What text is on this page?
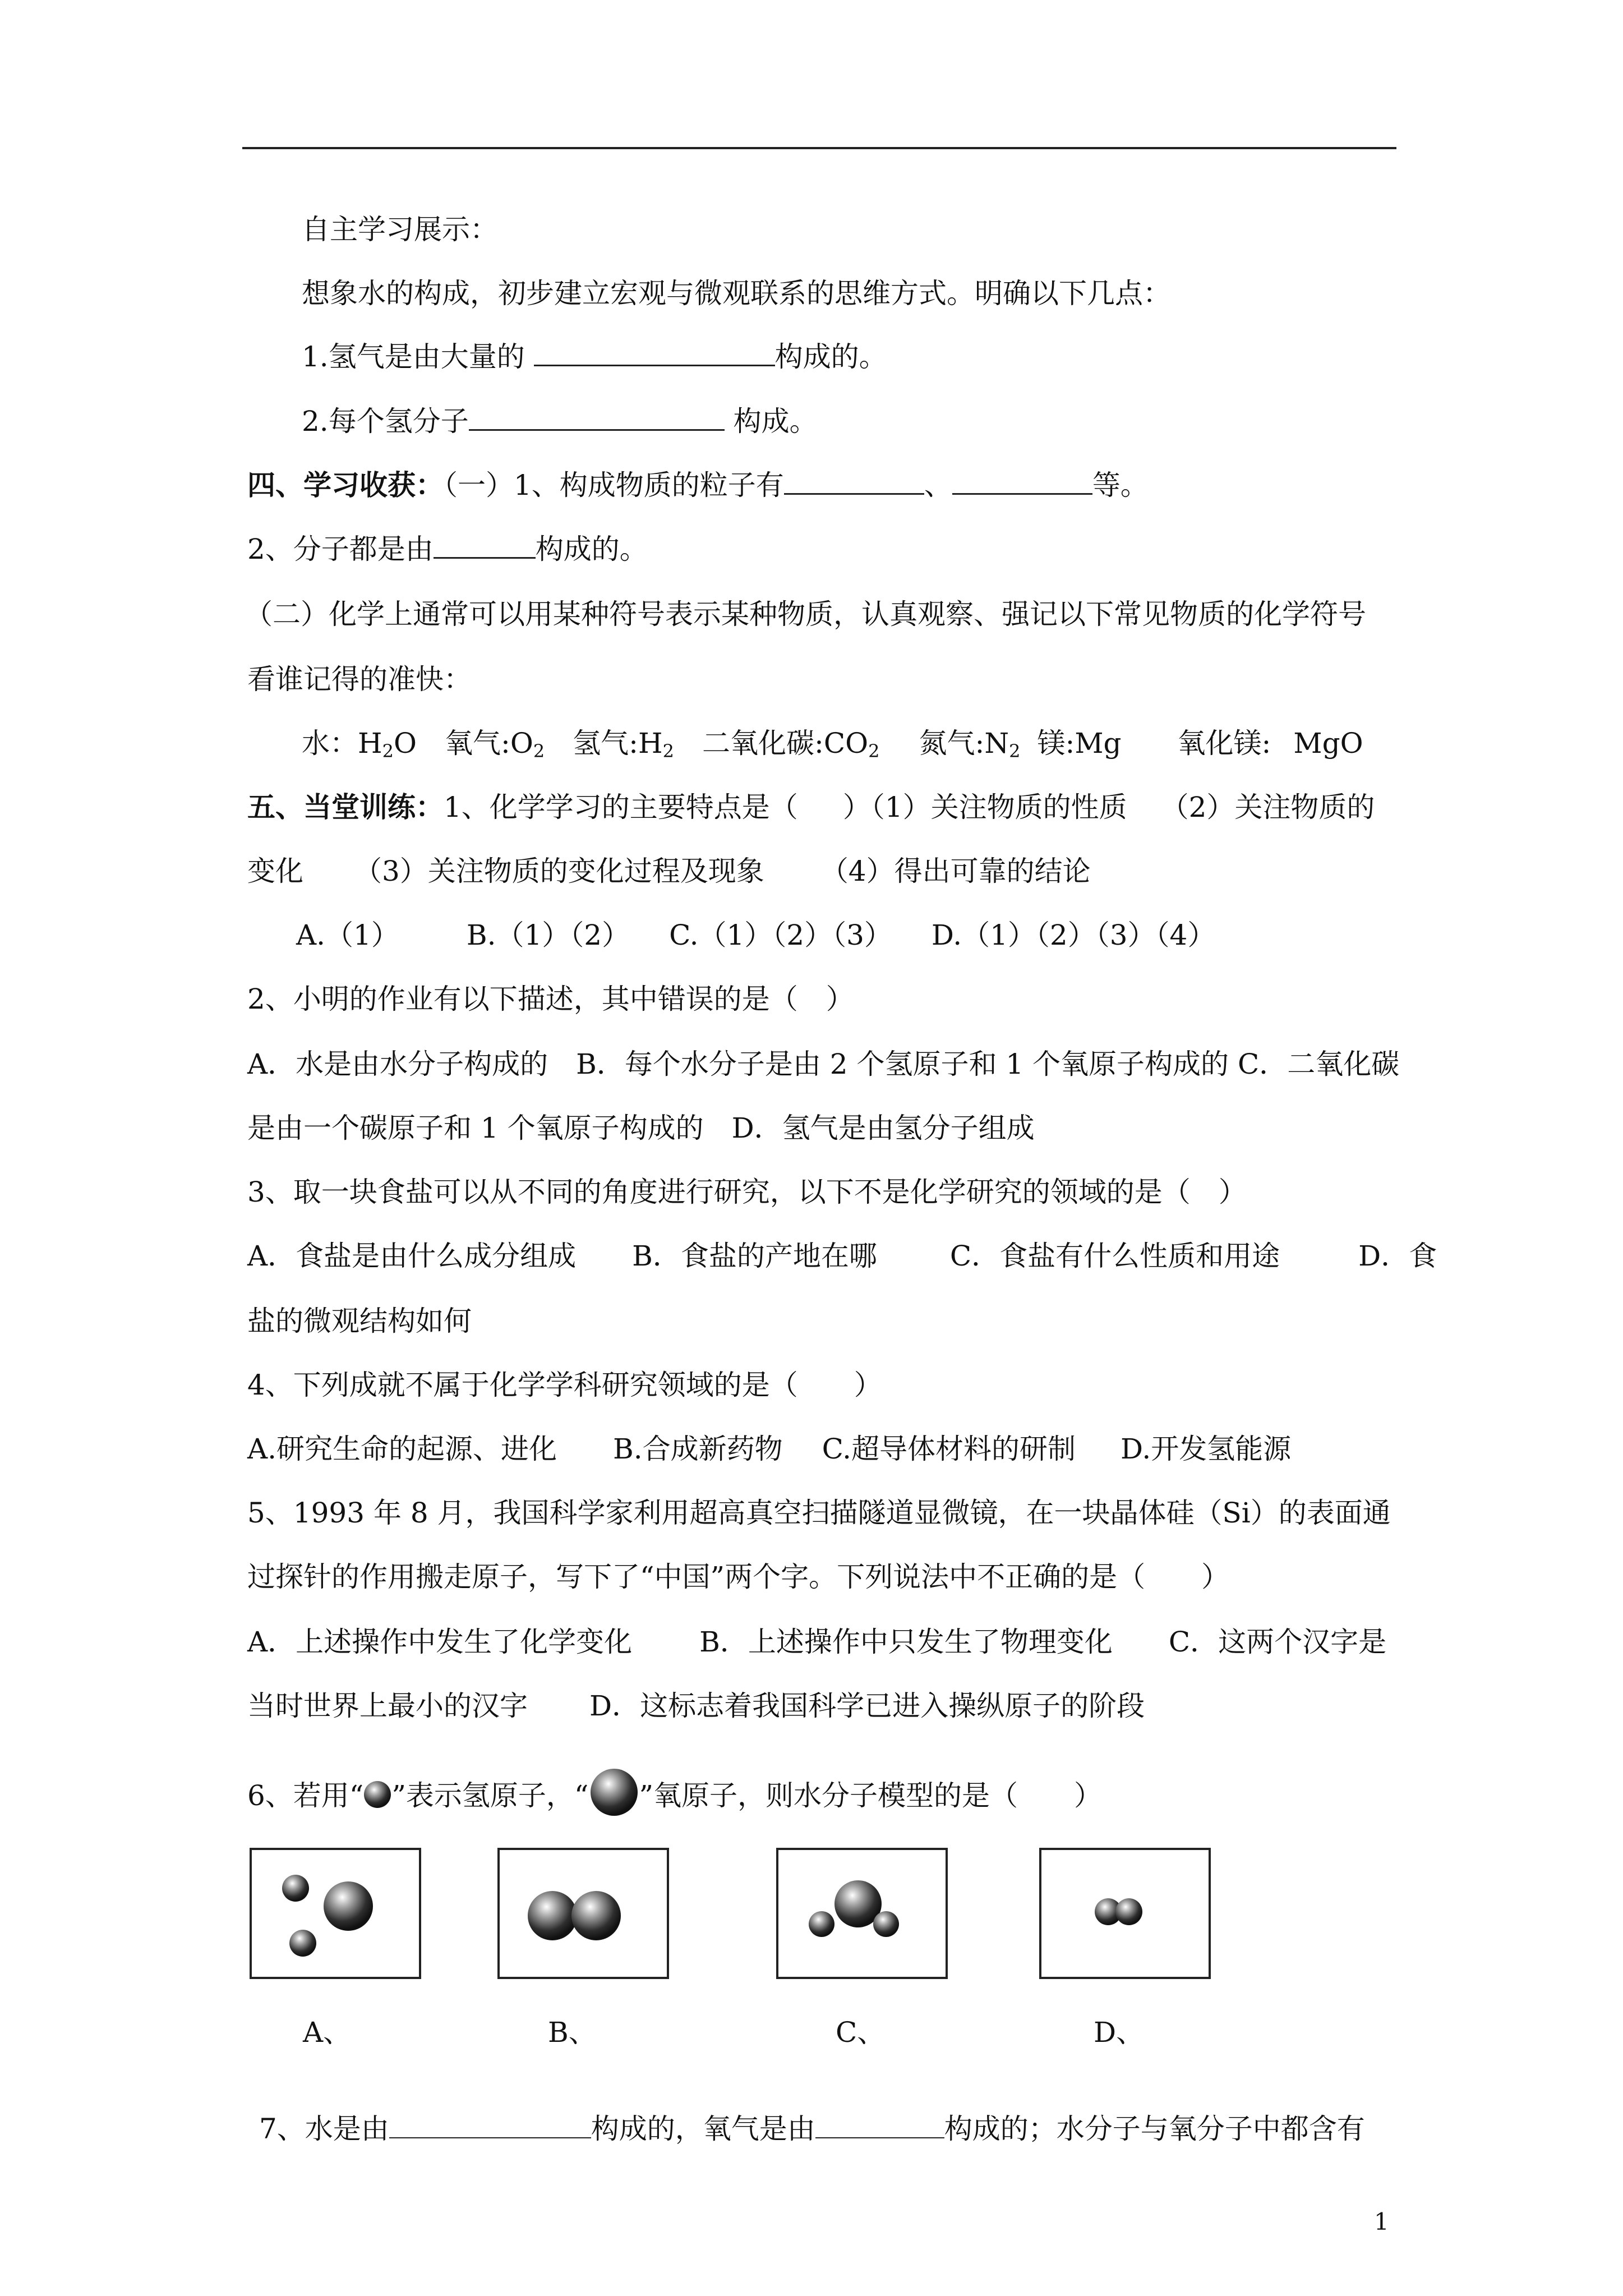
自主学习展示：
想象水的构成，初步建立宏观与微观联系的思维方式。明确以下几点：
1.氢气是由大量的	构成的。
2.每个氢分子	构成。
四、学习收获：（一）1、构成物质的粒子有	、	等。
2、分子都是由	构成的。
（二）化学上通常可以用某种符号表示某种物质，认真观察、强记以下常见物质的化学符号
看谁记得的准快：
水：$H_2O$ 氧气$:O_2$ 氢气$:H_2$ 二氧化碳$:CO_2$ 氮气$:N_2$ 镁:Mg 氧化镁: MgO
五、当堂训练：1、化学学习的主要特点是（ ）（1）关注物质的性质 （2）关注物质的
变化 （3）关注物质的变化过程及现象 （4）得出可靠的结论
A.（1） B.（1）（2） C.（1）（2）（3） D.（1）（2）（3）（4）
2、小明的作业有以下描述，其中错误的是（　）
A．水是由水分子构成的　B．每个水分子是由 2 个氢原子和 1 个氧原子构成的 C．二氧化碳
是由一个碳原子和 1 个氧原子构成的　D．氢气是由氢分子组成
3、取一块食盐可以从不同的角度进行研究，以下不是化学研究的领域的是（　）
A．食盐是由什么成分组成 B．食盐的产地在哪	C．食盐有什么性质和用途	D．食
盐的微观结构如何
4、下列成就不属于化学学科研究领域的是（　　）
A.研究生命的起源、进化 B.合成新药物 C.超导体材料的研制 D.开发氢能源
5、1993 年 8 月，我国科学家利用超高真空扫描隧道显微镜，在一块晶体硅（Si）的表面通
过探针的作用搬走原子，写下了“中国”两个字。下列说法中不正确的是（　　）
A．上述操作中发生了化学变化 B．上述操作中只发生了物理变化 C．这两个汉字是
当时世界上最小的汉字 D．这标志着我国科学已进入操纵原子的阶段
6、若用“ ”表示氢原子，“ ”氧原子，则水分子模型的是（　　）
A、	B、	C、	D、
7、水是由	构成的，氧气是由	构成的；水分子与氧分子中都含有
1
